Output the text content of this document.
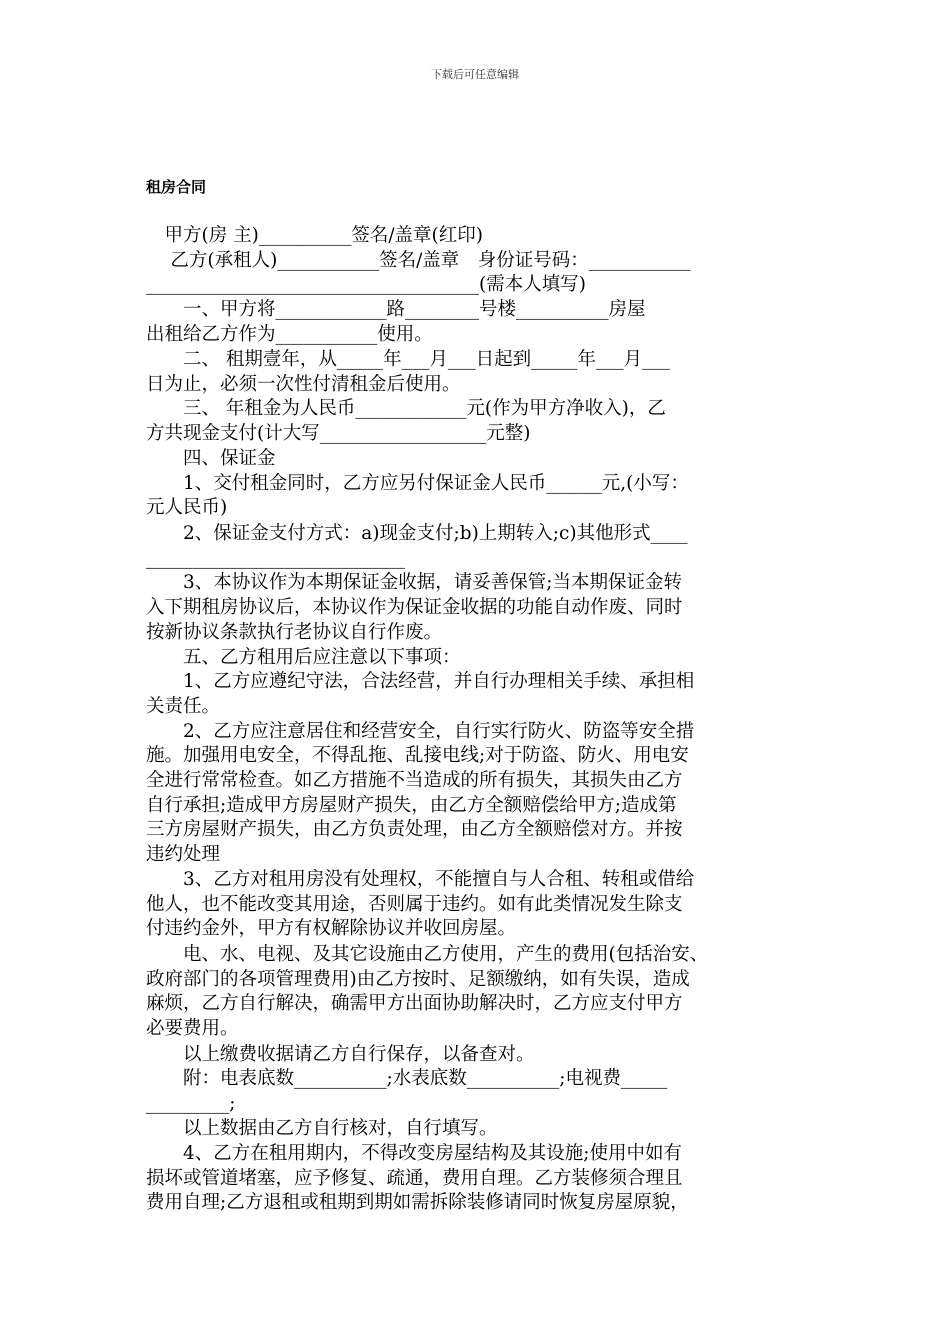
下载后可任意编辑
租房合同
　甲方(房 主)__________签名/盖章(红印)
　 乙方(承租人)___________签名/盖章　身份证号码：___________
____________________________________(需本人填写)
　　一、甲方将____________路________号楼__________房屋
出租给乙方作为___________使用。
　　二、 租期壹年，从_____年___月___日起到_____年___月___
日为止，必须一次性付清租金后使用。
　　三、 年租金为人民币____________元(作为甲方净收入)，乙
方共现金支付(计大写__________________元整)
　　四、保证金
　　1、交付租金同时，乙方应另付保证金人民币______元,(小写：
元人民币)
　　2、保证金支付方式：a)现金支付;b)上期转入;c)其他形式____
____________________________
　　3、本协议作为本期保证金收据，请妥善保管;当本期保证金转
入下期租房协议后，本协议作为保证金收据的功能自动作废、同时
按新协议条款执行老协议自行作废。
　　五、乙方租用后应注意以下事项：
　　1、乙方应遵纪守法，合法经营，并自行办理相关手续、承担相
关责任。
　　2、乙方应注意居住和经营安全，自行实行防火、防盗等安全措
施。加强用电安全，不得乱拖、乱接电线;对于防盗、防火、用电安
全进行常常检查。如乙方措施不当造成的所有损失，其损失由乙方
自行承担;造成甲方房屋财产损失，由乙方全额赔偿给甲方;造成第
三方房屋财产损失，由乙方负责处理，由乙方全额赔偿对方。并按
违约处理
　　3、乙方对租用房没有处理权，不能擅自与人合租、转租或借给
他人，也不能改变其用途，否则属于违约。如有此类情况发生除支
付违约金外，甲方有权解除协议并收回房屋。
　　电、水、电视、及其它设施由乙方使用，产生的费用(包括治安、
政府部门的各项管理费用)由乙方按时、足额缴纳，如有失误，造成
麻烦，乙方自行解决，确需甲方出面协助解决时，乙方应支付甲方
必要费用。
　　以上缴费收据请乙方自行保存，以备查对。
　　附：电表底数__________;水表底数__________;电视费_____
_________;
　　以上数据由乙方自行核对，自行填写。
　　4、乙方在租用期内，不得改变房屋结构及其设施;使用中如有
损坏或管道堵塞，应予修复、疏通，费用自理。乙方装修须合理且
费用自理;乙方退租或租期到期如需拆除装修请同时恢复房屋原貌，
